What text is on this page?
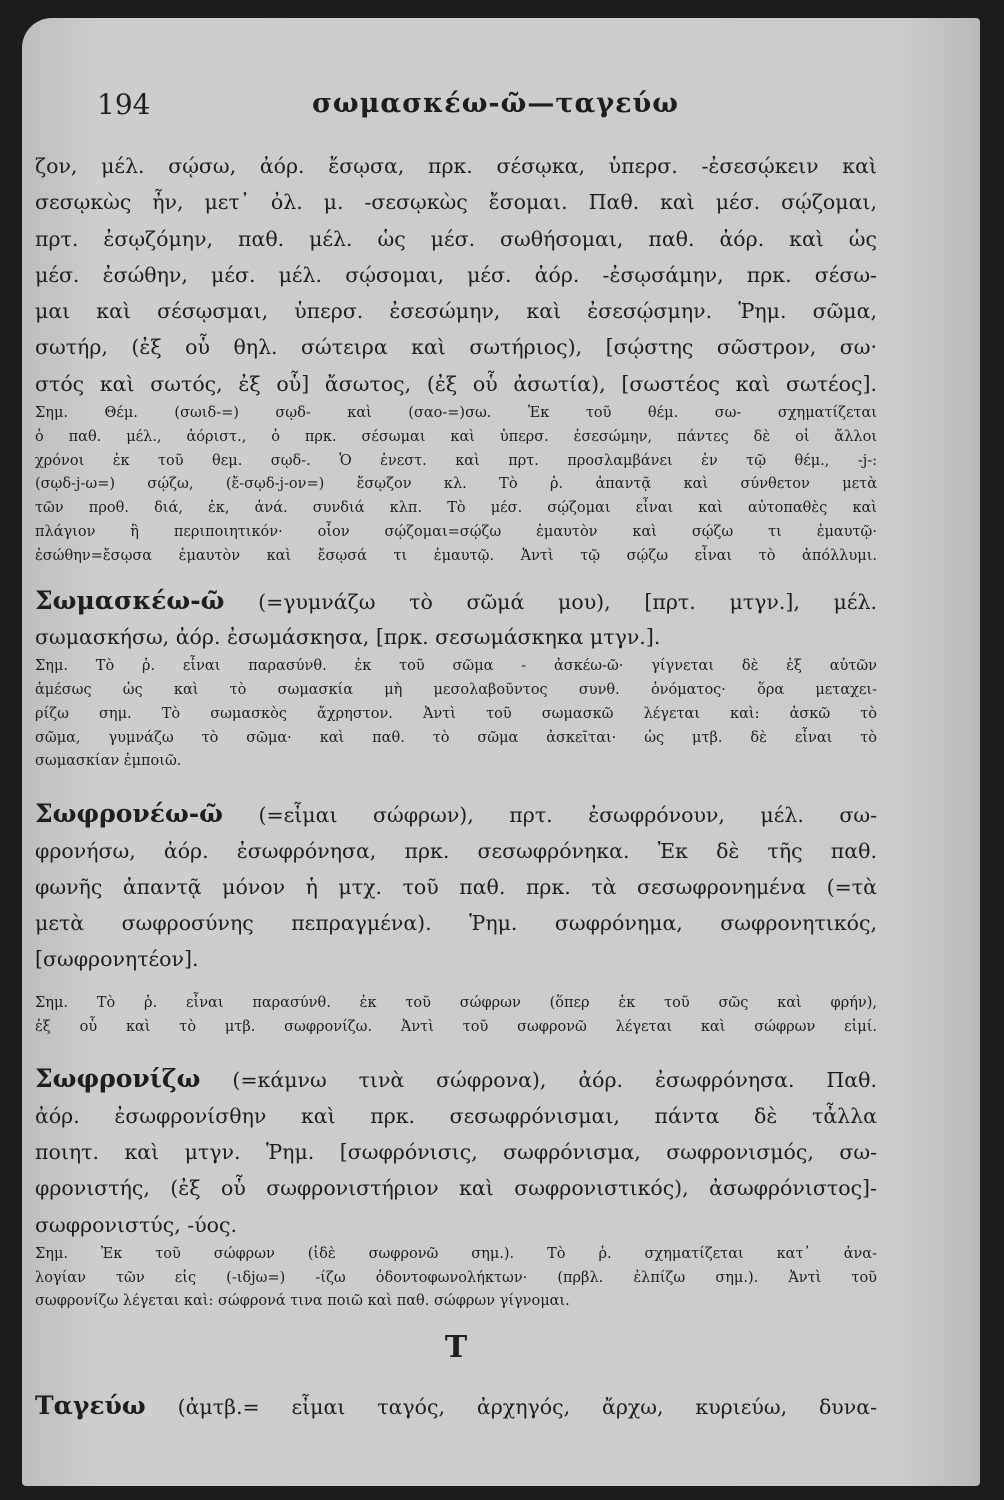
194	σωμασκέω-ῶ—ταγεύω
ζον, μέλ. σῴσω, ἀόρ. ἔσῳσα, πρκ. σέσῳκα, ὑπερσ. -ἐσεσῴκειν καὶ
σεσῳκὼς ἦν, μετ᾽ ὀλ. μ. -σεσῳκὼς ἔσομαι. Παθ. καὶ μέσ. σῴζομαι,
πρτ. ἐσῳζόμην, παθ. μέλ. ὡς μέσ. σωθήσομαι, παθ. ἀόρ. καὶ ὡς
μέσ. ἐσώθην, μέσ. μέλ. σῴσομαι, μέσ. ἀόρ. -ἐσῳσάμην, πρκ. σέσω-
μαι καὶ σέσῳσμαι, ὑπερσ. ἐσεσώμην, καὶ ἐσεσῴσμην. Ῥημ. σῶμα,
σωτήρ, (ἐξ οὗ θηλ. σώτειρα καὶ σωτήριος), [σῴστης σῶστρον, σω·
στός καὶ σωτός, ἐξ οὗ] ἄσωτος, (ἐξ οὗ ἀσωτία), [σωστέος καὶ σωτέος].
Σημ. Θέμ. (σωιδ-=) σῳδ- καὶ (σαο-=)σω. Ἐκ τοῦ θέμ. σω- σχηματίζεται
ὁ παθ. μέλ., ἀόριστ., ὁ πρκ. σέσωμαι καὶ ὑπερσ. ἐσεσώμην, πάντες δὲ οἱ ἄλλοι
χρόνοι ἐκ τοῦ θεμ. σῳδ-. Ὁ ἐνεστ. καὶ πρτ. προσλαμβάνει ἐν τῷ θέμ., -j-:
(σῳδ-j-ω=) σῴζω, (ἔ-σῳδ-j-ον=) ἔσῳζον κλ. Τὸ ῥ. ἀπαντᾷ καὶ σύνθετον μετὰ
τῶν προθ. διά, ἐκ, ἀνά. συνδιά κλπ. Τὸ μέσ. σῴζομαι εἶναι καὶ αὐτοπαθὲς καὶ
πλάγιον ἢ περιποιητικόν· οἷον σῴζομαι=σῴζω ἐμαυτὸν καὶ σῴζω τι ἐμαυτῷ·
ἐσώθην=ἔσῳσα ἐμαυτὸν καὶ ἔσῳσά τι ἐμαυτῷ. Ἀντὶ τῷ σῴζω εἶναι τὸ ἀπόλλυμι.
Σωμασκέω-ῶ (=γυμνάζω τὸ σῶμά μου), [πρτ. μτγν.], μέλ.
σωμασκήσω, ἀόρ. ἐσωμάσκησα, [πρκ. σεσωμάσκηκα μτγν.].
Σημ. Τὸ ῥ. εἶναι παρασύνθ. ἐκ τοῦ σῶμα - ἀσκέω-ῶ· γίγνεται δὲ ἐξ αὐτῶν
ἀμέσως ὡς καὶ τὸ σωμασκία μὴ μεσολαβοῦντος συνθ. ὀνόματος· ὅρα μεταχει-
ρίζω σημ. Τὸ σωμασκὸς ἄχρηστον. Ἀντὶ τοῦ σωμασκῶ λέγεται καὶ: ἀσκῶ τὸ
σῶμα, γυμνάζω τὸ σῶμα· καὶ παθ. τὸ σῶμα ἀσκεῖται· ὡς μτβ. δὲ εἶναι τὸ
σωμασκίαν ἐμποιῶ.
Σωφρονέω-ῶ (=εἶμαι σώφρων), πρτ. ἐσωφρόνουν, μέλ. σω-
φρονήσω, ἀόρ. ἐσωφρόνησα, πρκ. σεσωφρόνηκα. Ἐκ δὲ τῆς παθ.
φωνῆς ἀπαντᾷ μόνον ἡ μτχ. τοῦ παθ. πρκ. τὰ σεσωφρονημένα (=τὰ
μετὰ σωφροσύνης πεπραγμένα). Ῥημ. σωφρόνημα, σωφρονητικός,
[σωφρονητέον].
Σημ. Τὸ ῥ. εἶναι παρασύνθ. ἐκ τοῦ σώφρων (ὅπερ ἐκ τοῦ σῶς καὶ φρήν),
ἐξ οὗ καὶ τὸ μτβ. σωφρονίζω. Ἀντὶ τοῦ σωφρονῶ λέγεται καὶ σώφρων εἰμί.
Σωφρονίζω (=κάμνω τινὰ σώφρονα), ἀόρ. ἐσωφρόνησα. Παθ.
ἀόρ. ἐσωφρονίσθην καὶ πρκ. σεσωφρόνισμαι, πάντα δὲ τἆλλα
ποιητ. καὶ μτγν. Ῥημ. [σωφρόνισις, σωφρόνισμα, σωφρονισμός, σω-
φρονιστής, (ἐξ οὗ σωφρονιστήριον καὶ σωφρονιστικός), ἀσωφρόνιστος]-
σωφρονιστύς, -ύος.
Σημ. Ἐκ τοῦ σώφρων (ἰδὲ σωφρονῶ σημ.). Τὸ ῥ. σχηματίζεται κατ᾽ ἀνα-
λογίαν τῶν εἰς (-ιδjω=) -ίζω ὀδοντοφωνολήκτων· (πρβλ. ἐλπίζω σημ.). Ἀντὶ τοῦ
σωφρονίζω λέγεται καὶ: σώφρονά τινα ποιῶ καὶ παθ. σώφρων γίγνομαι.
Τ
Ταγεύω (ἀμτβ.= εἶμαι ταγός, ἀρχηγός, ἄρχω, κυριεύω, δυνα-
